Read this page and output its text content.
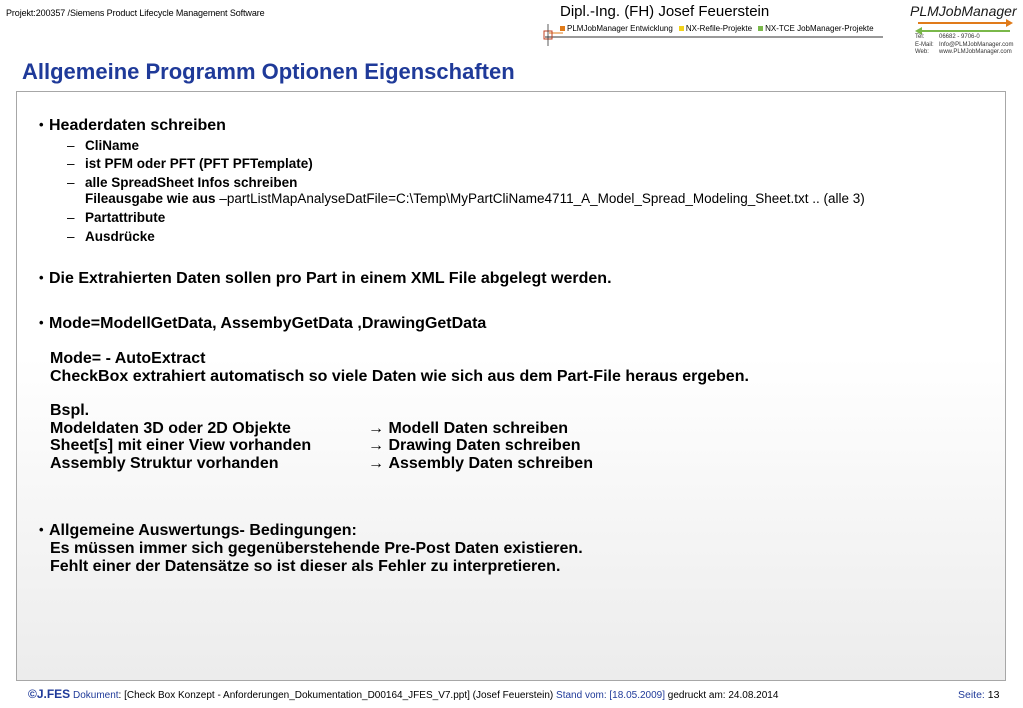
Projekt:200357 /Siemens Product Lifecycle Management Software	Dipl.-Ing. (FH) Josef Feuerstein
PLMJobManager Entwicklung	NX-Refile-Projekte	NX-TCE JobManager-Projekte
PLMJobManager
Tel: 06682 - 9706-0
E-Mail: Info@PLMJobManager.com
Web: www.PLMJobManager.com
Allgemeine Programm Optionen Eigenschaften
• Headerdaten schreiben
– CliName
– ist PFM oder PFT (PFT PFTemplate)
– alle SpreadSheet Infos schreiben
Fileausgabe wie aus –partListMapAnalyseDatFile=C:\Temp\MyPartCliName4711_A_Model_Spread_Modeling_Sheet.txt .. (alle 3)
– Partattribute
– Ausdrücke
• Die Extrahierten Daten sollen pro Part in einem XML File abgelegt werden.
• Mode=ModellGetData, AssembyGetData ,DrawingGetData
Mode= - AutoExtract
CheckBox extrahiert automatisch so viele Daten wie sich aus dem Part-File heraus ergeben.
Bspl.
Modeldaten 3D oder 2D Objekte	→ Modell Daten schreiben
Sheet[s] mit einer View vorhanden	→ Drawing Daten schreiben
Assembly Struktur vorhanden	→ Assembly Daten schreiben
• Allgemeine Auswertungs- Bedingungen:
Es müssen immer sich gegenüberstehende Pre-Post Daten existieren.
Fehlt einer der Datensätze so ist dieser als Fehler zu interpretieren.
©J.FES Dokument: [Check Box Konzept - Anforderungen_Dokumentation_D00164_JFES_V7.ppt] (Josef Feuerstein) Stand vom: [18.05.2009] gedruckt am: 24.08.2014	Seite: 13
